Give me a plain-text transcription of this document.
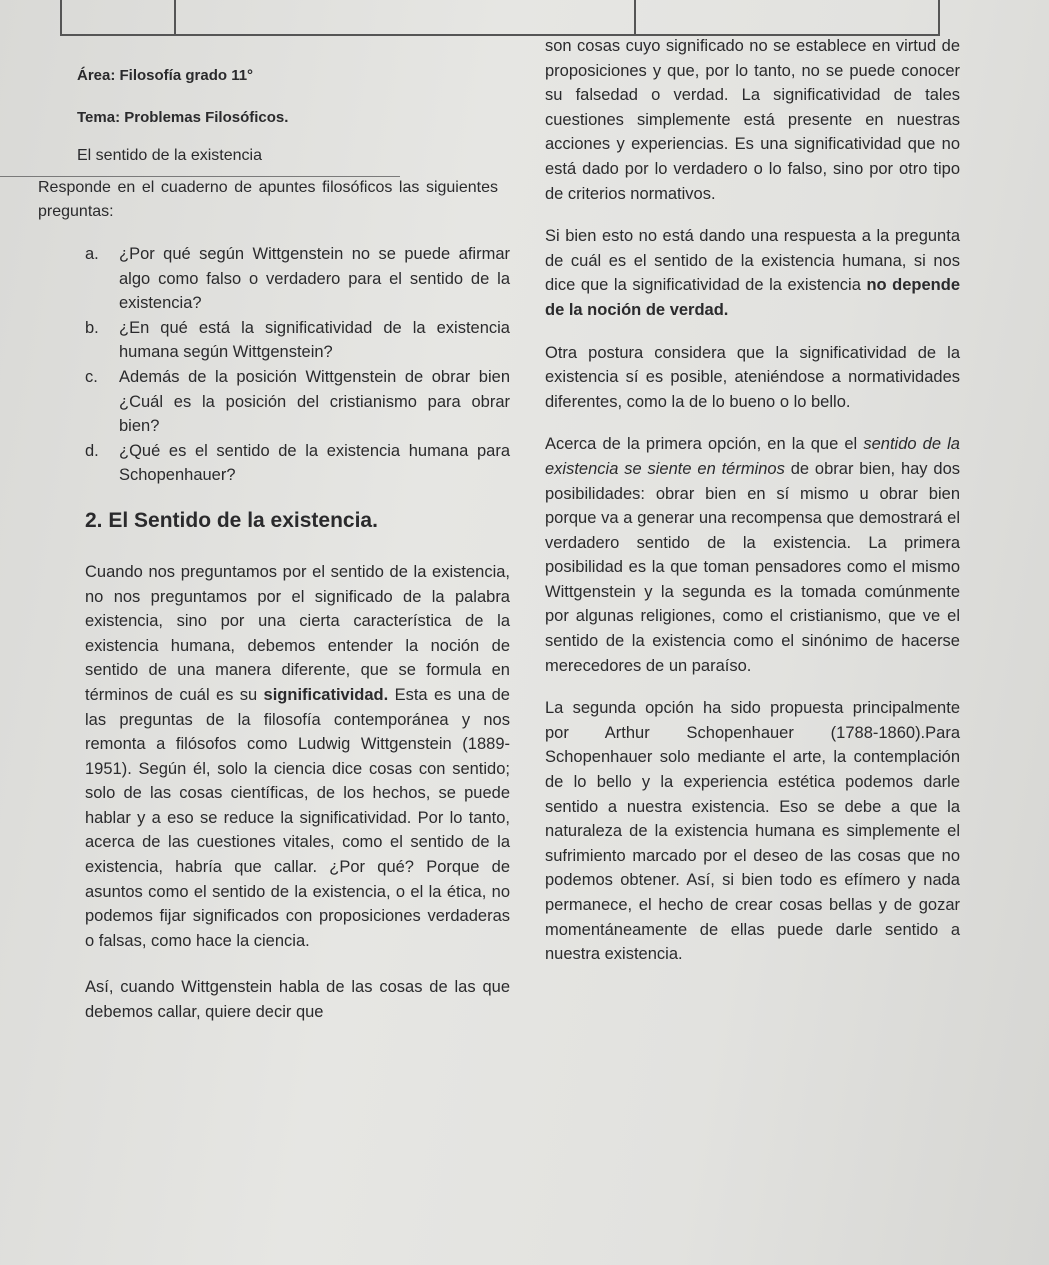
Área: Filosofía grado 11°

Tema: Problemas Filosóficos.

El sentido de la existencia

Responde en el cuaderno de apuntes filosóficos las siguientes preguntas:

a. ¿Por qué según Wittgenstein no se puede afirmar algo como falso o verdadero para el sentido de la existencia?
b. ¿En qué está la significatividad de la existencia humana según Wittgenstein?
c. Además de la posición Wittgenstein de obrar bien ¿Cuál es la posición del cristianismo para obrar bien?
d. ¿Qué es el sentido de la existencia humana para Schopenhauer?
2. El Sentido de la existencia.

Cuando nos preguntamos por el sentido de la existencia, no nos preguntamos por el significado de la palabra existencia, sino por una cierta característica de la existencia humana, debemos entender la noción de sentido de una manera diferente, que se formula en términos de cuál es su significatividad. Esta es una de las preguntas de la filosofía contemporánea y nos remonta a filósofos como Ludwig Wittgenstein (1889-1951). Según él, solo la ciencia dice cosas con sentido; solo de las cosas científicas, de los hechos, se puede hablar y a eso se reduce la significatividad. Por lo tanto, acerca de las cuestiones vitales, como el sentido de la existencia, habría que callar. ¿Por qué? Porque de asuntos como el sentido de la existencia, o el la ética, no podemos fijar significados con proposiciones verdaderas o falsas, como hace la ciencia.

Así, cuando Wittgenstein habla de las cosas de las que debemos callar, quiere decir que

son cosas cuyo significado no se establece en virtud de proposiciones y que, por lo tanto, no se puede conocer su falsedad o verdad. La significatividad de tales cuestiones simplemente está presente en nuestras acciones y experiencias. Es una significatividad que no está dado por lo verdadero o lo falso, sino por otro tipo de criterios normativos.

Si bien esto no está dando una respuesta a la pregunta de cuál es el sentido de la existencia humana, si nos dice que la significatividad de la existencia no depende de la noción de verdad.

Otra postura considera que la significatividad de la existencia sí es posible, ateniéndose a normatividades diferentes, como la de lo bueno o lo bello.

Acerca de la primera opción, en la que el sentido de la existencia se siente en términos de obrar bien, hay dos posibilidades: obrar bien en sí mismo u obrar bien porque va a generar una recompensa que demostrará el verdadero sentido de la existencia. La primera posibilidad es la que toman pensadores como el mismo Wittgenstein y la segunda es la tomada comúnmente por algunas religiones, como el cristianismo, que ve el sentido de la existencia como el sinónimo de hacerse merecedores de un paraíso.

La segunda opción ha sido propuesta principalmente por Arthur Schopenhauer (1788-1860).Para Schopenhauer solo mediante el arte, la contemplación de lo bello y la experiencia estética podemos darle sentido a nuestra existencia. Eso se debe a que la naturaleza de la existencia humana es simplemente el sufrimiento marcado por el deseo de las cosas que no podemos obtener. Así, si bien todo es efímero y nada permanece, el hecho de crear cosas bellas y de gozar momentáneamente de ellas puede darle sentido a nuestra existencia.
